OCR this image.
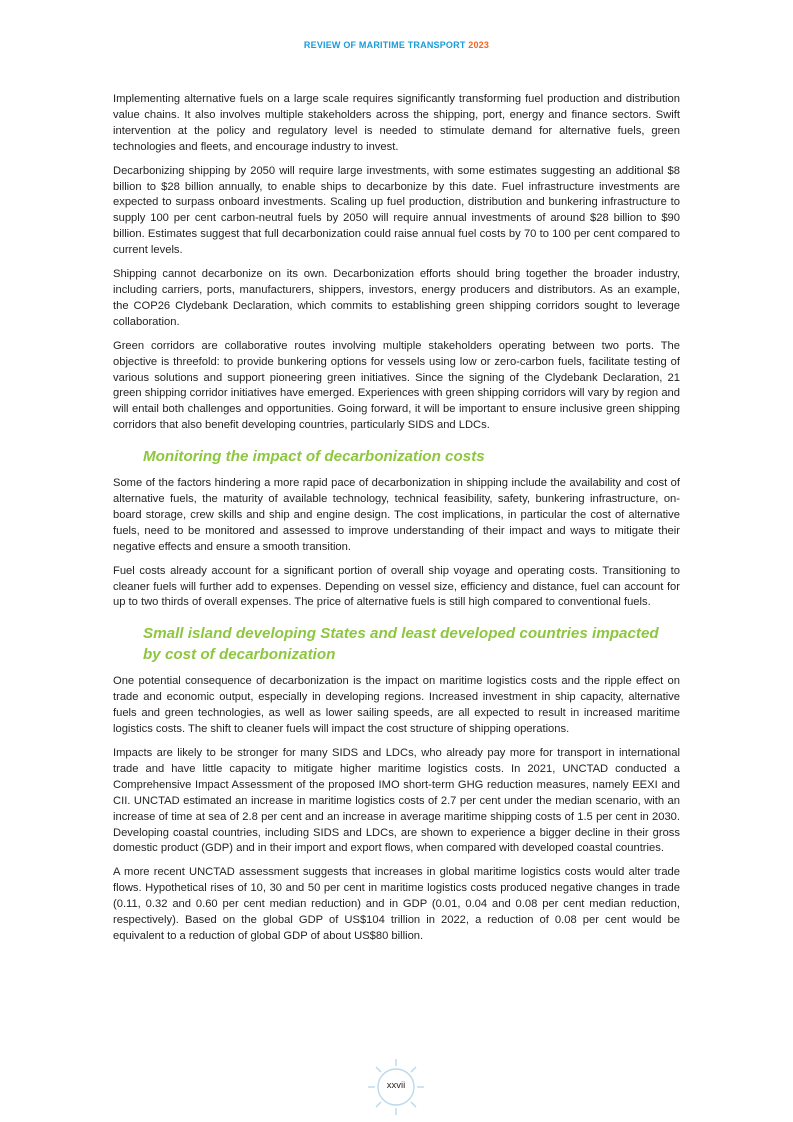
REVIEW OF MARITIME TRANSPORT 2023

Implementing alternative fuels on a large scale requires significantly transforming fuel production and distribution value chains. It also involves multiple stakeholders across the shipping, port, energy and finance sectors. Swift intervention at the policy and regulatory level is needed to stimulate demand for alternative fuels, green technologies and fleets, and encourage industry to invest.

Decarbonizing shipping by 2050 will require large investments, with some estimates suggesting an additional $8 billion to $28 billion annually, to enable ships to decarbonize by this date. Fuel infrastructure investments are expected to surpass onboard investments. Scaling up fuel production, distribution and bunkering infrastructure to supply 100 per cent carbon-neutral fuels by 2050 will require annual investments of around $28 billion to $90 billion. Estimates suggest that full decarbonization could raise annual fuel costs by 70 to 100 per cent compared to current levels.

Shipping cannot decarbonize on its own. Decarbonization efforts should bring together the broader industry, including carriers, ports, manufacturers, shippers, investors, energy producers and distributors. As an example, the COP26 Clydebank Declaration, which commits to establishing green shipping corridors sought to leverage collaboration.

Green corridors are collaborative routes involving multiple stakeholders operating between two ports. The objective is threefold: to provide bunkering options for vessels using low or zero-carbon fuels, facilitate testing of various solutions and support pioneering green initiatives. Since the signing of the Clydebank Declaration, 21 green shipping corridor initiatives have emerged. Experiences with green shipping corridors will vary by region and will entail both challenges and opportunities. Going forward, it will be important to ensure inclusive green shipping corridors that also benefit developing countries, particularly SIDS and LDCs.

Monitoring the impact of decarbonization costs

Some of the factors hindering a more rapid pace of decarbonization in shipping include the availability and cost of alternative fuels, the maturity of available technology, technical feasibility, safety, bunkering infrastructure, on-board storage, crew skills and ship and engine design. The cost implications, in particular the cost of alternative fuels, need to be monitored and assessed to improve understanding of their impact and ways to mitigate their negative effects and ensure a smooth transition.

Fuel costs already account for a significant portion of overall ship voyage and operating costs. Transitioning to cleaner fuels will further add to expenses. Depending on vessel size, efficiency and distance, fuel can account for up to two thirds of overall expenses. The price of alternative fuels is still high compared to conventional fuels.

Small island developing States and least developed countries impacted by cost of decarbonization

One potential consequence of decarbonization is the impact on maritime logistics costs and the ripple effect on trade and economic output, especially in developing regions. Increased investment in ship capacity, alternative fuels and green technologies, as well as lower sailing speeds, are all expected to result in increased maritime logistics costs. The shift to cleaner fuels will impact the cost structure of shipping operations.

Impacts are likely to be stronger for many SIDS and LDCs, who already pay more for transport in international trade and have little capacity to mitigate higher maritime logistics costs. In 2021, UNCTAD conducted a Comprehensive Impact Assessment of the proposed IMO short-term GHG reduction measures, namely EEXI and CII. UNCTAD estimated an increase in maritime logistics costs of 2.7 per cent under the median scenario, with an increase of time at sea of 2.8 per cent and an increase in average maritime shipping costs of 1.5 per cent in 2030. Developing coastal countries, including SIDS and LDCs, are shown to experience a bigger decline in their gross domestic product (GDP) and in their import and export flows, when compared with developed coastal countries.

A more recent UNCTAD assessment suggests that increases in global maritime logistics costs would alter trade flows. Hypothetical rises of 10, 30 and 50 per cent in maritime logistics costs produced negative changes in trade (0.11, 0.32 and 0.60 per cent median reduction) and in GDP (0.01, 0.04 and 0.08 per cent median reduction, respectively). Based on the global GDP of US$104 trillion in 2022, a reduction of 0.08 per cent would be equivalent to a reduction of global GDP of about US$80 billion.

xxvii
